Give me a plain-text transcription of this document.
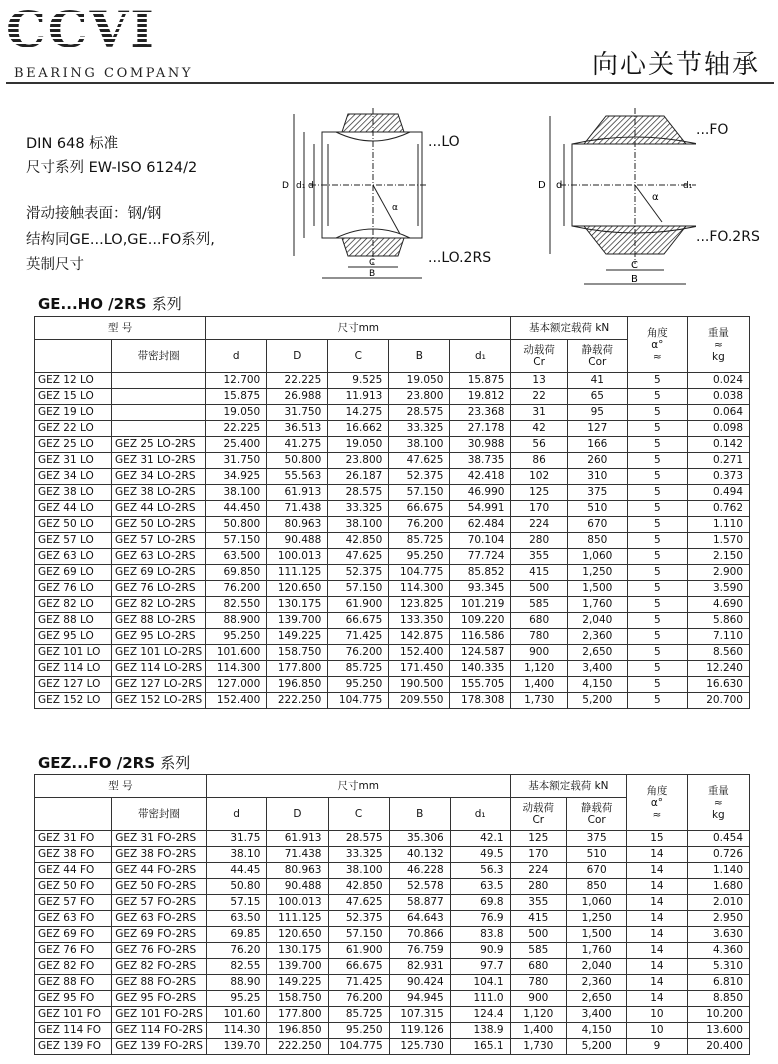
CCVI
BEARING COMPANY	向心关节轴承
DIN 648 标准
尺寸系列 EW-ISO 6124/2
滑动接触表面：钢/钢
结构同GE...LO,GE...FO系列,
英制尺寸
D d₁ d
C
B
α
...LO
...LO.2RS
D d	d₁
C
B
α
...FO
...FO.2RS
GE...HO /2RS 系列
型 号		尺寸mm					基本额定载荷 kN		角度
α°
≈	重量
≈
kg

	带密封圈	d	D	C	B	d₁	动载荷
Cr	静载荷
Cor		

GEZ 12 LO		12.700	22.225	9.525	19.050	15.875	13	41	5	0.024
GEZ 15 LO		15.875	26.988	11.913	23.800	19.812	22	65	5	0.038
GEZ 19 LO		19.050	31.750	14.275	28.575	23.368	31	95	5	0.064
GEZ 22 LO		22.225	36.513	16.662	33.325	27.178	42	127	5	0.098
GEZ 25 LO	GEZ 25 LO-2RS	25.400	41.275	19.050	38.100	30.988	56	166	5	0.142
GEZ 31 LO	GEZ 31 LO-2RS	31.750	50.800	23.800	47.625	38.735	86	260	5	0.271
GEZ 34 LO	GEZ 34 LO-2RS	34.925	55.563	26.187	52.375	42.418	102	310	5	0.373
GEZ 38 LO	GEZ 38 LO-2RS	38.100	61.913	28.575	57.150	46.990	125	375	5	0.494
GEZ 44 LO	GEZ 44 LO-2RS	44.450	71.438	33.325	66.675	54.991	170	510	5	0.762
GEZ 50 LO	GEZ 50 LO-2RS	50.800	80.963	38.100	76.200	62.484	224	670	5	1.110
GEZ 57 LO	GEZ 57 LO-2RS	57.150	90.488	42.850	85.725	70.104	280	850	5	1.570
GEZ 63 LO	GEZ 63 LO-2RS	63.500	100.013	47.625	95.250	77.724	355	1,060	5	2.150
GEZ 69 LO	GEZ 69 LO-2RS	69.850	111.125	52.375	104.775	85.852	415	1,250	5	2.900
GEZ 76 LO	GEZ 76 LO-2RS	76.200	120.650	57.150	114.300	93.345	500	1,500	5	3.590
GEZ 82 LO	GEZ 82 LO-2RS	82.550	130.175	61.900	123.825	101.219	585	1,760	5	4.690
GEZ 88 LO	GEZ 88 LO-2RS	88.900	139.700	66.675	133.350	109.220	680	2,040	5	5.860
GEZ 95 LO	GEZ 95 LO-2RS	95.250	149.225	71.425	142.875	116.586	780	2,360	5	7.110
GEZ 101 LO	GEZ 101 LO-2RS	101.600	158.750	76.200	152.400	124.587	900	2,650	5	8.560
GEZ 114 LO	GEZ 114 LO-2RS	114.300	177.800	85.725	171.450	140.335	1,120	3,400	5	12.240
GEZ 127 LO	GEZ 127 LO-2RS	127.000	196.850	95.250	190.500	155.705	1,400	4,150	5	16.630
GEZ 152 LO	GEZ 152 LO-2RS	152.400	222.250	104.775	209.550	178.308	1,730	5,200	5	20.700
GEZ...FO /2RS 系列
型 号		尺寸mm					基本额定载荷 kN		角度
α°
≈	重量
≈
kg

	带密封圈	d	D	C	B	d₁	动载荷
Cr	静载荷
Cor		

GEZ 31 FO	GEZ 31 FO-2RS	31.75	61.913	28.575	35.306	42.1	125	375	15	0.454
GEZ 38 FO	GEZ 38 FO-2RS	38.10	71.438	33.325	40.132	49.5	170	510	14	0.726
GEZ 44 FO	GEZ 44 FO-2RS	44.45	80.963	38.100	46.228	56.3	224	670	14	1.140
GEZ 50 FO	GEZ 50 FO-2RS	50.80	90.488	42.850	52.578	63.5	280	850	14	1.680
GEZ 57 FO	GEZ 57 FO-2RS	57.15	100.013	47.625	58.877	69.8	355	1,060	14	2.010
GEZ 63 FO	GEZ 63 FO-2RS	63.50	111.125	52.375	64.643	76.9	415	1,250	14	2.950
GEZ 69 FO	GEZ 69 FO-2RS	69.85	120.650	57.150	70.866	83.8	500	1,500	14	3.630
GEZ 76 FO	GEZ 76 FO-2RS	76.20	130.175	61.900	76.759	90.9	585	1,760	14	4.360
GEZ 82 FO	GEZ 82 FO-2RS	82.55	139.700	66.675	82.931	97.7	680	2,040	14	5.310
GEZ 88 FO	GEZ 88 FO-2RS	88.90	149.225	71.425	90.424	104.1	780	2,360	14	6.810
GEZ 95 FO	GEZ 95 FO-2RS	95.25	158.750	76.200	94.945	111.0	900	2,650	14	8.850
GEZ 101 FO	GEZ 101 FO-2RS	101.60	177.800	85.725	107.315	124.4	1,120	3,400	10	10.200
GEZ 114 FO	GEZ 114 FO-2RS	114.30	196.850	95.250	119.126	138.9	1,400	4,150	10	13.600
GEZ 139 FO	GEZ 139 FO-2RS	139.70	222.250	104.775	125.730	165.1	1,730	5,200	9	20.400
